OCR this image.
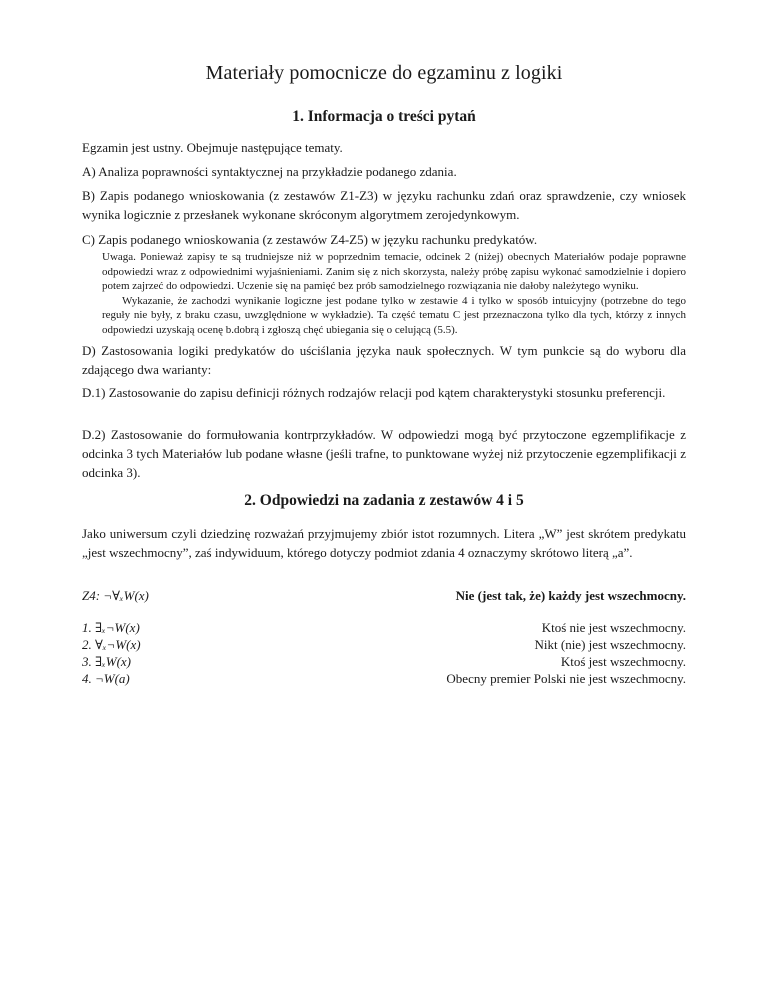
Materiały pomocnicze do egzaminu z logiki
1. Informacja o treści pytań
Egzamin jest ustny. Obejmuje następujące tematy.
A) Analiza poprawności syntaktycznej na przykładzie podanego zdania.
B) Zapis podanego wnioskowania (z zestawów Z1-Z3) w języku rachunku zdań oraz sprawdzenie, czy wniosek wynika logicznie z przesłanek wykonane skróconym algorytmem zerojedynkowym.
C) Zapis podanego wnioskowania (z zestawów Z4-Z5) w języku rachunku predykatów.
Uwaga. Ponieważ zapisy te są trudniejsze niż w poprzednim temacie, odcinek 2 (niżej) obecnych Materiałów podaje poprawne odpowiedzi wraz z odpowiednimi wyjaśnieniami. Zanim się z nich skorzysta, należy próbę zapisu wykonać samodzielnie i dopiero potem zajrzeć do odpowiedzi. Uczenie się na pamięć bez prób samodzielnego rozwiązania nie dałoby należytego wyniku.
Wykazanie, że zachodzi wynikanie logiczne jest podane tylko w zestawie 4 i tylko w sposób intuicyjny (potrzebne do tego reguły nie były, z braku czasu, uwzględnione w wykładzie). Ta część tematu C jest przeznaczona tylko dla tych, którzy z innych odpowiedzi uzyskają ocenę b.dobrą i zgłoszą chęć ubiegania się o celującą (5.5).
D) Zastosowania logiki predykatów do uściślania języka nauk społecznych. W tym punkcie są do wyboru dla zdającego dwa warianty:
D.1) Zastosowanie do zapisu definicji różnych rodzajów relacji pod kątem charakterystyki stosunku preferencji.
D.2) Zastosowanie do formułowania kontrprzykładów. W odpowiedzi mogą być przytoczone egzemplifikacje z odcinka 3 tych Materiałów lub podane własne (jeśli trafne, to punktowane wyżej niż przytoczenie egzemplifikacji z odcinka 3).
2. Odpowiedzi na zadania z zestawów 4 i 5
Jako uniwersum czyli dziedzinę rozważań przyjmujemy zbiór istot rozumnych. Litera „W” jest skrótem predykatu „jest wszechmocny”, zaś indywiduum, którego dotyczy podmiot zdania 4 oznaczymy skrótowo literą „a”.
Z4: ¬∀ₓW(x)	Nie (jest tak, że) każdy jest wszechmocny.
1. ∃ₓ¬W(x)	Ktoś nie jest wszechmocny.
2. ∀ₓ¬W(x)	Nikt (nie) jest wszechmocny.
3. ∃ₓW(x)	Ktoś jest wszechmocny.
4. ¬W(a)	Obecny premier Polski nie jest wszechmocny.
